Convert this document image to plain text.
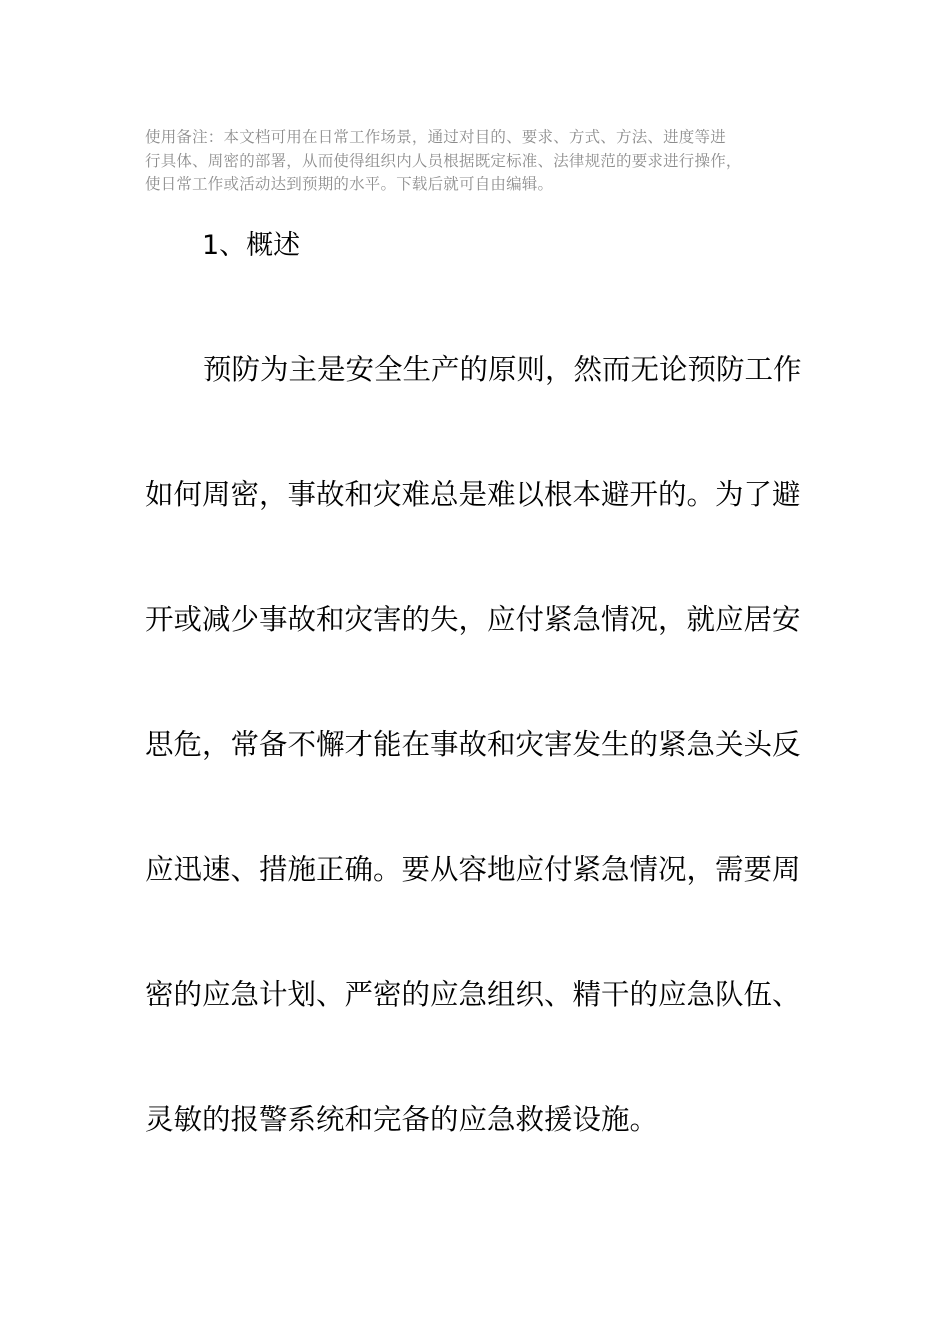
使用备注：本文档可用在日常工作场景，通过对目的、要求、方式、方法、进度等进
行具体、周密的部署，从而使得组织内人员根据既定标准、法律规范的要求进行操作，
使日常工作或活动达到预期的水平。下载后就可自由编辑。
1、概述
预防为主是安全生产的原则，然而无论预防工作
如何周密，事故和灾难总是难以根本避开的。为了避
开或减少事故和灾害的失，应付紧急情况，就应居安
思危，常备不懈才能在事故和灾害发生的紧急关头反
应迅速、措施正确。要从容地应付紧急情况，需要周
密的应急计划、严密的应急组织、精干的应急队伍、
灵敏的报警系统和完备的应急救援设施。
